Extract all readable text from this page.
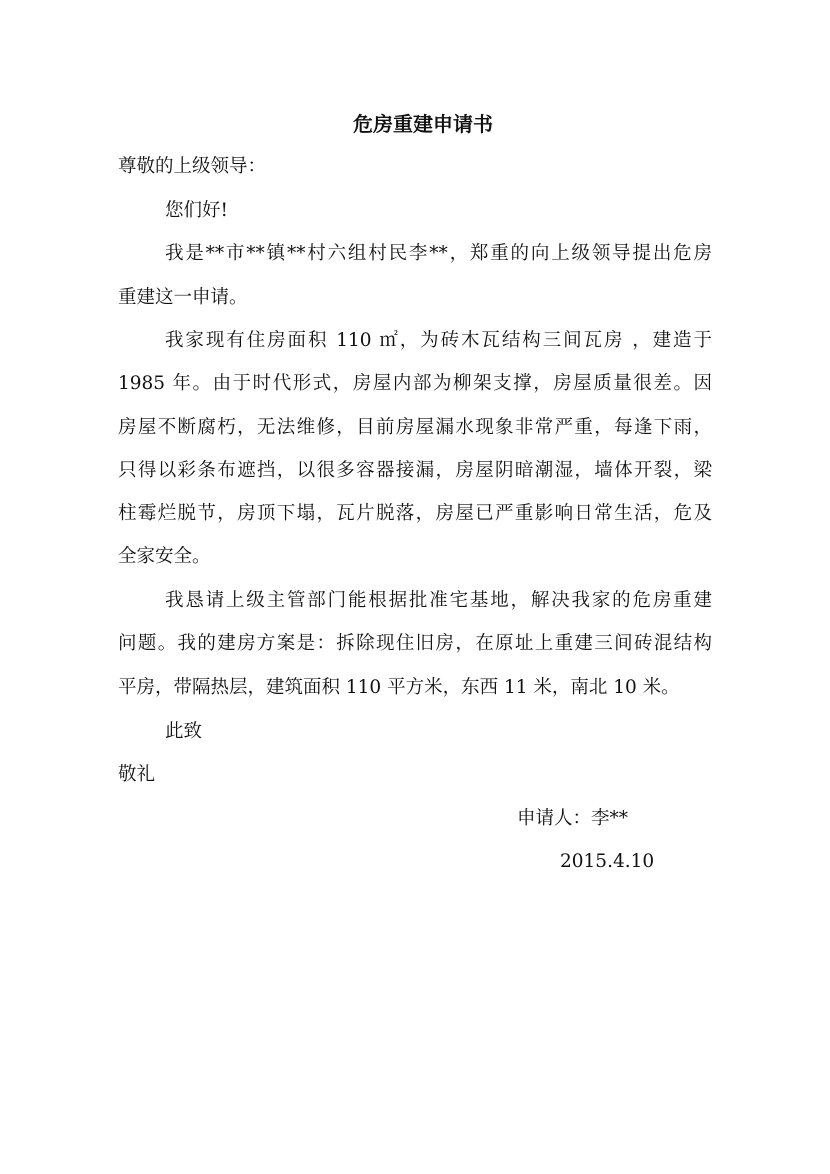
危房重建申请书
尊敬的上级领导：
您们好!
我是**市**镇**村六组村民李**，郑重的向上级领导提出危房
重建这一申请。
我家现有住房面积 110 ㎡，为砖木瓦结构三间瓦房 ，建造于
1985 年。由于时代形式，房屋内部为柳架支撑，房屋质量很差。因
房屋不断腐朽，无法维修，目前房屋漏水现象非常严重，每逢下雨，
只得以彩条布遮挡，以很多容器接漏，房屋阴暗潮湿，墙体开裂，梁
柱霉烂脱节，房顶下塌，瓦片脱落，房屋已严重影响日常生活，危及
全家安全。
我恳请上级主管部门能根据批准宅基地，解决我家的危房重建
问题。我的建房方案是：拆除现住旧房，在原址上重建三间砖混结构
平房，带隔热层，建筑面积 110 平方米，东西 11 米，南北 10 米。
此致
敬礼
申请人：李**
2015.4.10
